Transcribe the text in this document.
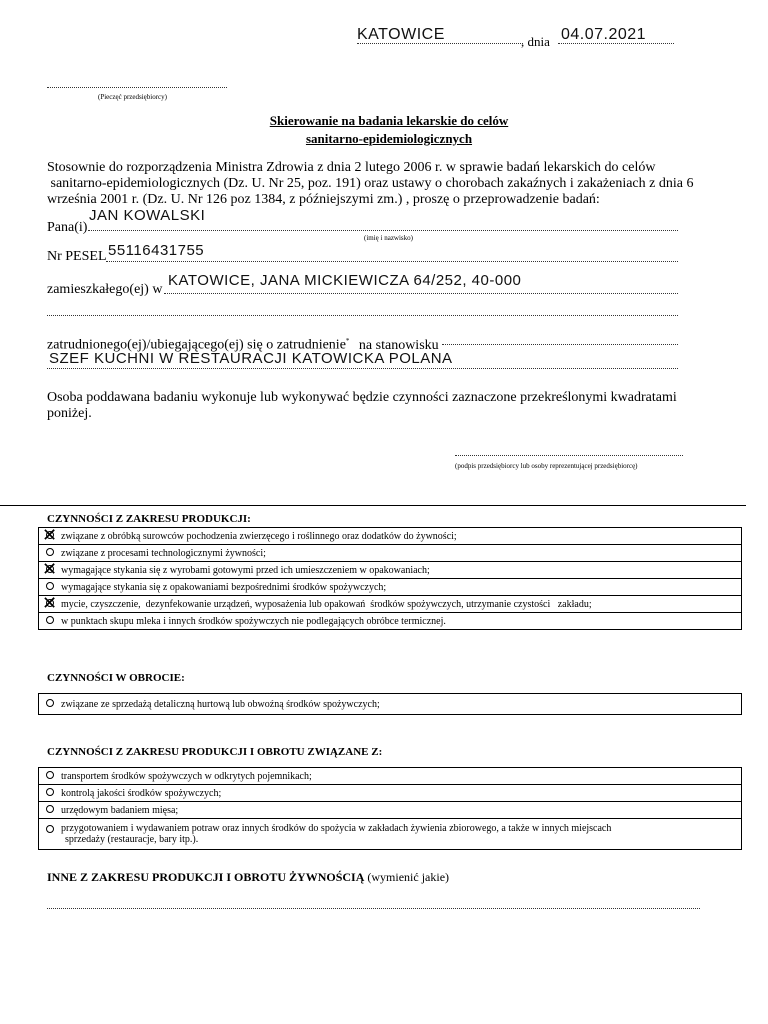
KATOWICE	, dnia 04.07.2021
(Pieczęć przedsiębiorcy)
Skierowanie na badania lekarskie do celów
sanitarno-epidemiologicznych
Stosownie do rozporządzenia Ministra Zdrowia z dnia 2 lutego 2006 r. w sprawie badań lekarskich do celów
sanitarno-epidemiologicznych (Dz. U. Nr 25, poz. 191) oraz ustawy o chorobach zakaźnych i zakażeniach z dnia 6
września 2001 r. (Dz. U. Nr 126 poz 1384, z późniejszymi zm.) , proszę o przeprowadzenie badań:
Pana(i)
JAN KOWALSKI
(imię i nazwisko)
Nr PESEL 55116431755
zamieszkałego(ej) w
KATOWICE, JANA MICKIEWICZA 64/252, 40-000
zatrudnionego(ej)/ubiegającego(ej) się o zatrudnienie* na stanowisku
SZEF KUCHNI W RESTAURACJI KATOWICKA POLANA
Osoba poddawana badaniu wykonuje lub wykonywać będzie czynności zaznaczone przekreślonymi kwadratami
poniżej.
(podpis przedsiębiorcy lub osoby reprezentującej przedsiębiorcę)
CZYNNOŚCI Z ZAKRESU PRODUKCJI:
✕ związane z obróbką surowców pochodzenia zwierzęcego i roślinnego oraz dodatków do żywności;

związane z procesami technologicznymi żywności;

✕ wymagające stykania się z wyrobami gotowymi przed ich umieszczeniem w opakowaniach;

wymagające stykania się z opakowaniami bezpośrednimi środków spożywczych;

✕ mycie, czyszczenie,  dezynfekowanie urządzeń, wyposażenia lub opakowań  środków spożywczych, utrzymanie czystości   zakładu;

w punktach skupu mleka i innych środków spożywczych nie podlegających obróbce termicznej.
CZYNNOŚCI W OBROCIE:
związane ze sprzedażą detaliczną hurtową lub obwoźną środków spożywczych;
CZYNNOŚCI Z ZAKRESU PRODUKCJI I OBROTU ZWIĄZANE Z:
transportem środków spożywczych w odkrytych pojemnikach;

kontrolą jakości środków spożywczych;

urzędowym badaniem mięsa;

przygotowaniem i wydawaniem potraw oraz innych środków do spożycia w zakładach żywienia zbiorowego, a także w innych miejscach
sprzedaży (restauracje, bary itp.).
INNE Z ZAKRESU PRODUKCJI I OBROTU ŻYWNOŚCIĄ (wymienić jakie)
